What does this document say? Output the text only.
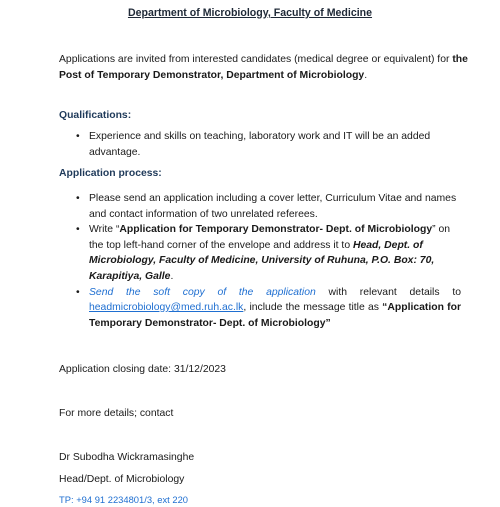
Department of Microbiology, Faculty of Medicine
Applications are invited from interested candidates (medical degree or equivalent) for the Post of Temporary Demonstrator, Department of Microbiology.
Qualifications:
• Experience and skills on teaching, laboratory work and IT will be an added advantage.
Application process:
• Please send an application including a cover letter, Curriculum Vitae and names and contact information of two unrelated referees.
• Write “Application for Temporary Demonstrator- Dept. of Microbiology” on the top left-hand corner of the envelope and address it to Head, Dept. of Microbiology, Faculty of Medicine, University of Ruhuna, P.O. Box: 70, Karapitiya, Galle.
• Send the soft copy of the application with relevant details to headmicrobiology@med.ruh.ac.lk, include the message title as “Application for Temporary Demonstrator- Dept. of Microbiology”
Application closing date: 31/12/2023
For more details; contact
Dr Subodha Wickramasinghe
Head/Dept. of Microbiology
TP: +94 91 2234801/3, ext 220
